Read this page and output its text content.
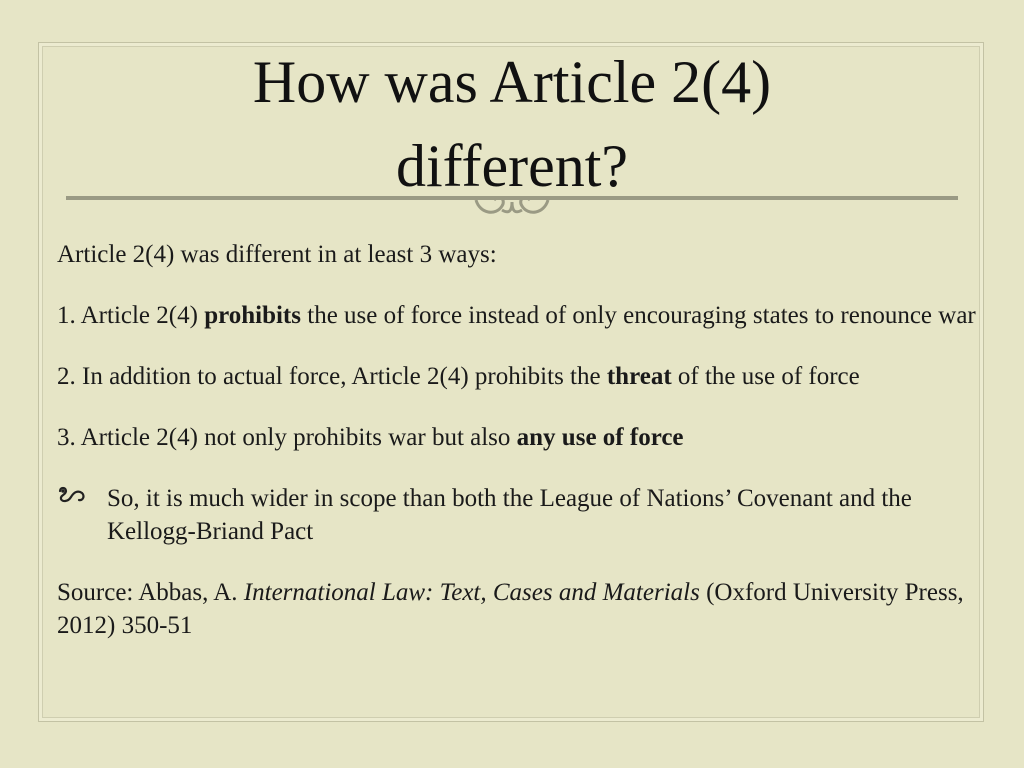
How was Article 2(4)
different?

Article 2(4) was different in at least 3 ways:

1. Article 2(4) prohibits the use of force instead of only encouraging states to renounce war

2. In addition to actual force, Article 2(4) prohibits the threat of the use of force

3. Article 2(4) not only prohibits war but also any use of force

So, it is much wider in scope than both the League of Nations’ Covenant and the Kellogg-Briand Pact

Source: Abbas, A. International Law: Text, Cases and Materials (Oxford University Press, 2012) 350-51
